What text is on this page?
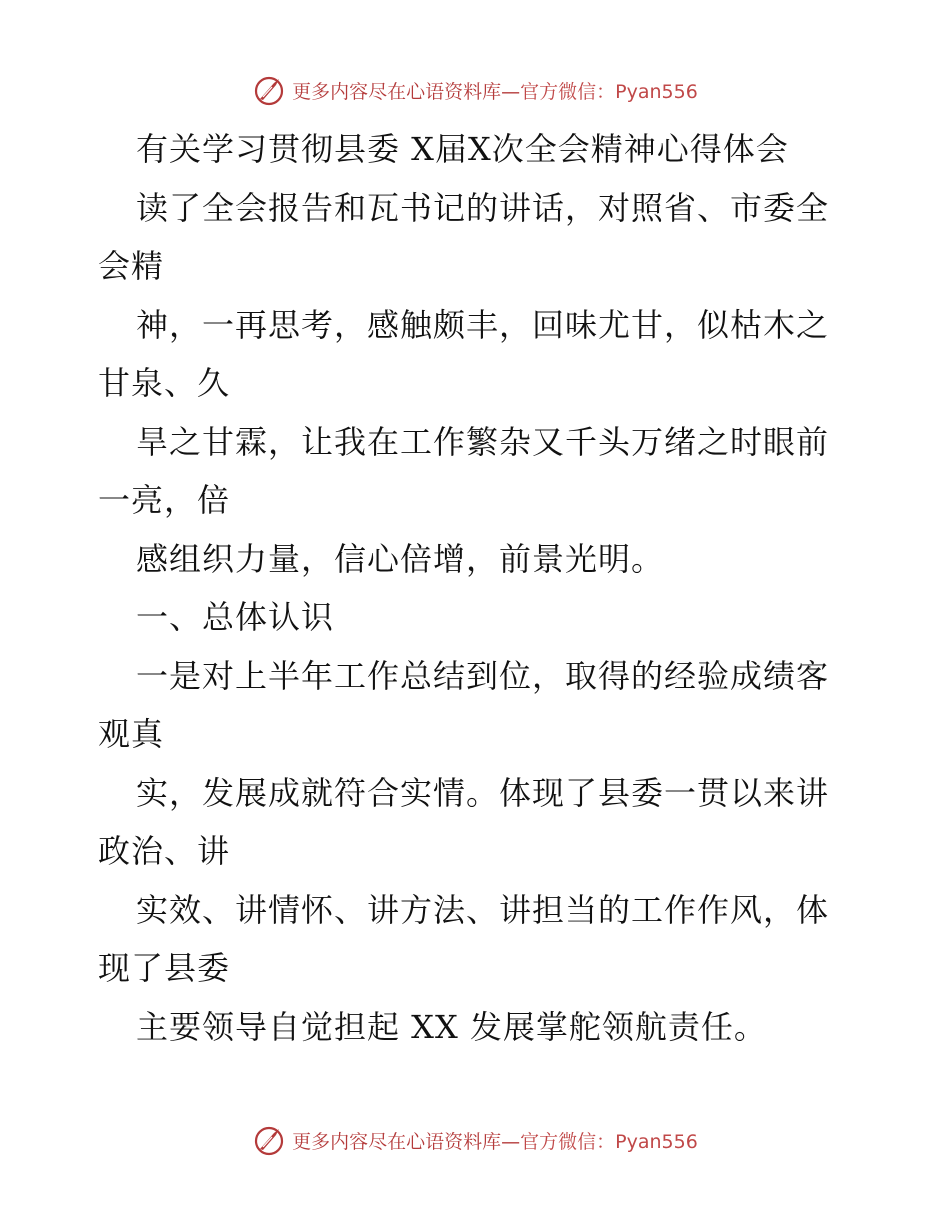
更多内容尽在心语资料库—官方微信：Pyan556
有关学习贯彻县委 X届X次全会精神心得体会
读了全会报告和瓦书记的讲话，对照省、市委全
会精
神，一再思考，感触颇丰，回味尤甘，似枯木之
甘泉、久
旱之甘霖，让我在工作繁杂又千头万绪之时眼前
一亮，倍
感组织力量，信心倍增，前景光明。
一、总体认识
一是对上半年工作总结到位，取得的经验成绩客
观真
实，发展成就符合实情。体现了县委一贯以来讲
政治、讲
实效、讲情怀、讲方法、讲担当的工作作风，体
现了县委
主要领导自觉担起 XX 发展掌舵领航责任。
更多内容尽在心语资料库—官方微信：Pyan556
